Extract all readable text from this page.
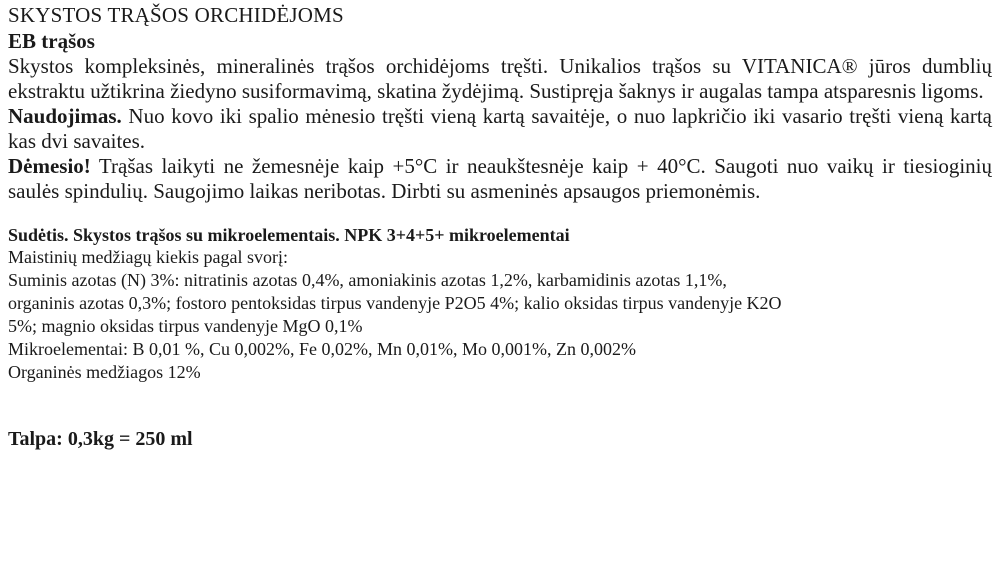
SKYSTOS TRĄŠOS ORCHIDĖJOMS
EB trąšos

Skystos kompleksinės, mineralinės trąšos orchidėjoms tręšti. Unikalios trąšos su VITANICA® jūros dumblių ekstraktu užtikrina žiedyno susiformavimą, skatina žydėjimą. Sustipręja šaknys ir augalas tampa atsparesnis ligoms.

Naudojimas. Nuo kovo iki spalio mėnesio tręšti vieną kartą savaitėje, o nuo lapkričio iki vasario tręšti vieną kartą kas dvi savaites.

Dėmesio! Trąšas laikyti ne žemesnėje kaip +5°C ir neaukštesnėje kaip + 40°C. Saugoti nuo vaikų ir tiesioginių saulės spindulių. Saugojimo laikas neribotas. Dirbti su asmeninės apsaugos priemonėmis.

Sudėtis. Skystos trąšos su mikroelementais. NPK 3+4+5+ mikroelementai

Maistinių medžiagų kiekis pagal svorį:

Suminis azotas (N) 3%: nitratinis azotas 0,4%, amoniakinis azotas 1,2%, karbamidinis azotas 1,1%,

organinis azotas 0,3%; fostoro pentoksidas tirpus vandenyje P2O5 4%; kalio oksidas tirpus vandenyje K2O

5%; magnio oksidas tirpus vandenyje MgO 0,1%

Mikroelementai: B 0,01 %, Cu 0,002%, Fe 0,02%, Mn 0,01%, Mo 0,001%, Zn 0,002%

Organinės medžiagos 12%

Talpa: 0,3kg = 250 ml
